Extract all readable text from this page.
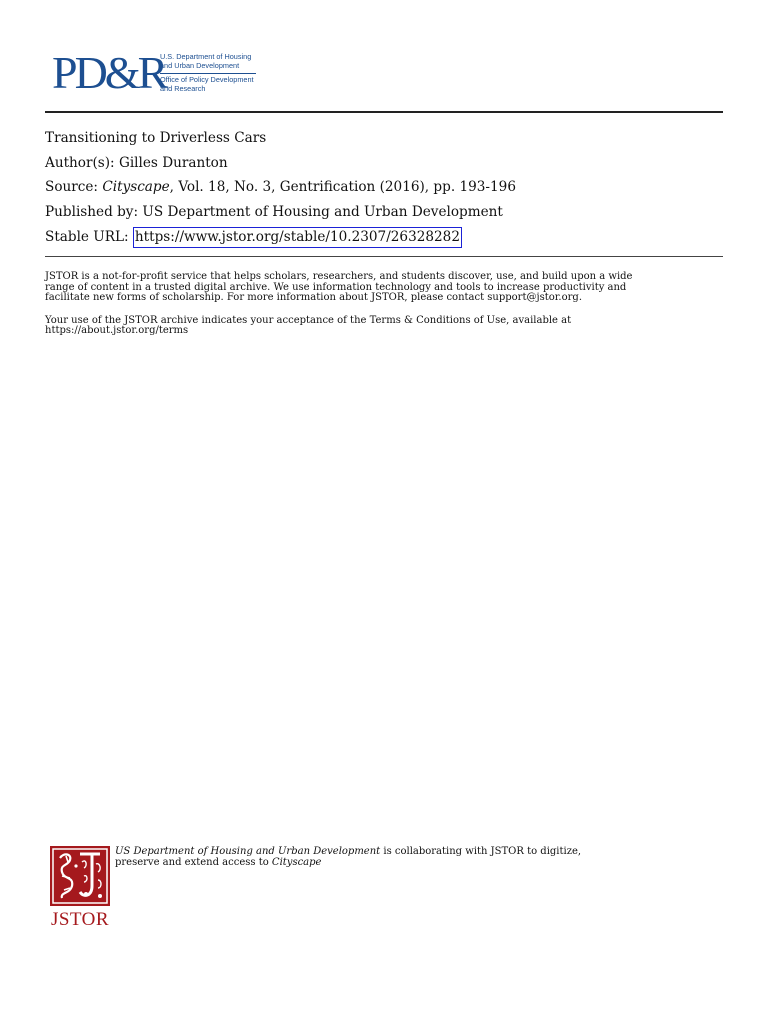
PD&R
U.S. Department of Housing
and Urban Development
Office of Policy Development
and Research
Transitioning to Driverless Cars
Author(s): Gilles Duranton
Source: Cityscape, Vol. 18, No. 3, Gentrification (2016), pp. 193-196
Published by: US Department of Housing and Urban Development
Stable URL: https://www.jstor.org/stable/10.2307/26328282

JSTOR is a not-for-profit service that helps scholars, researchers, and students discover, use, and build upon a wide
range of content in a trusted digital archive. We use information technology and tools to increase productivity and
facilitate new forms of scholarship. For more information about JSTOR, please contact support@jstor.org.

Your use of the JSTOR archive indicates your acceptance of the Terms & Conditions of Use, available at
https://about.jstor.org/terms

JSTOR
US Department of Housing and Urban Development is collaborating with JSTOR to digitize,
preserve and extend access to Cityscape
